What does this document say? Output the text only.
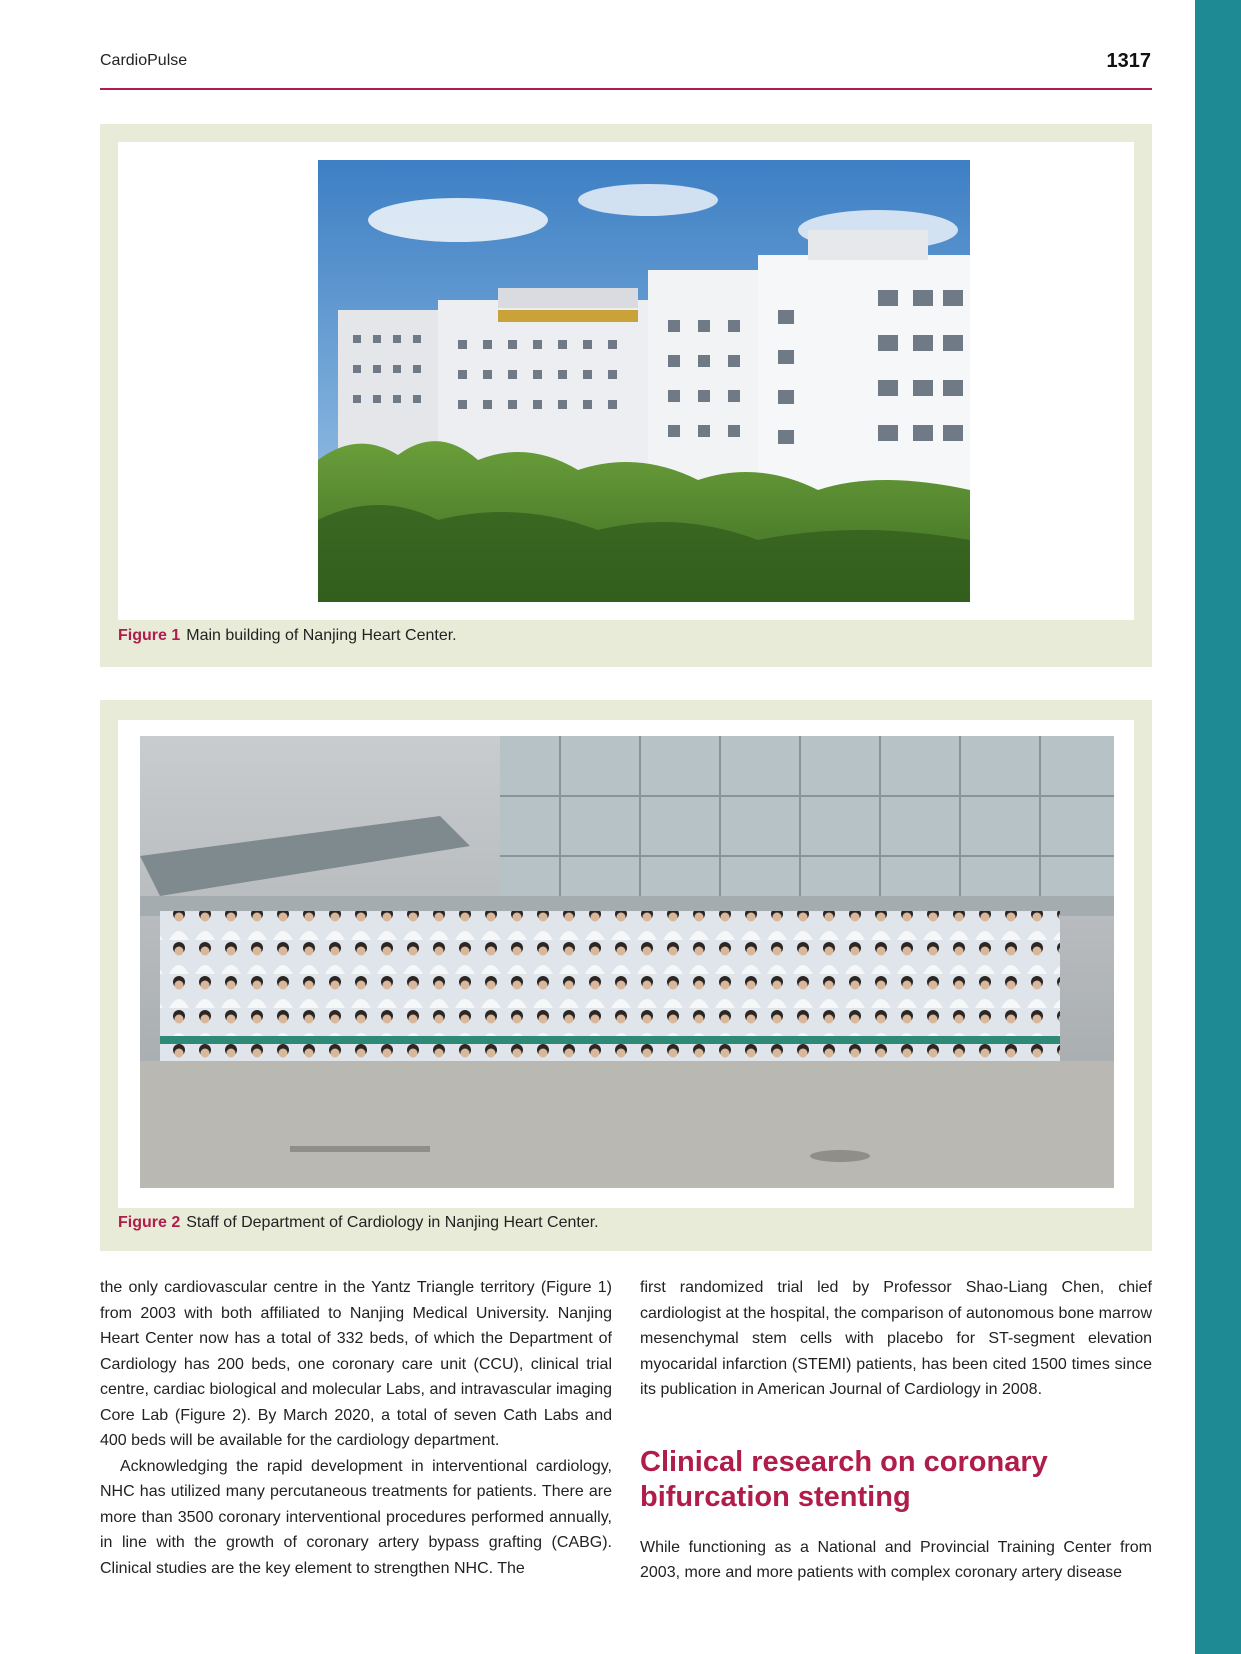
CardioPulse	1317
Figure 1 Main building of Nanjing Heart Center.
Figure 2 Staff of Department of Cardiology in Nanjing Heart Center.

the only cardiovascular centre in the Yantz Triangle territory (Figure 1) from 2003 with both affiliated to Nanjing Medical University. Nanjing Heart Center now has a total of 332 beds, of which the Department of Cardiology has 200 beds, one coronary care unit (CCU), clinical trial centre, cardiac biological and molecular Labs, and intravascular imaging Core Lab (Figure 2). By March 2020, a total of seven Cath Labs and 400 beds will be available for the cardiology department.

Acknowledging the rapid development in interventional cardiology, NHC has utilized many percutaneous treatments for patients. There are more than 3500 coronary interventional procedures performed annually, in line with the growth of coronary artery bypass grafting (CABG). Clinical studies are the key element to strengthen NHC. The

first randomized trial led by Professor Shao-Liang Chen, chief cardiologist at the hospital, the comparison of autonomous bone marrow mesenchymal stem cells with placebo for ST-segment elevation myocaridal infarction (STEMI) patients, has been cited 1500 times since its publication in American Journal of Cardiology in 2008.

Clinical research on coronary bifurcation stenting

While functioning as a National and Provincial Training Center from 2003, more and more patients with complex coronary artery disease
